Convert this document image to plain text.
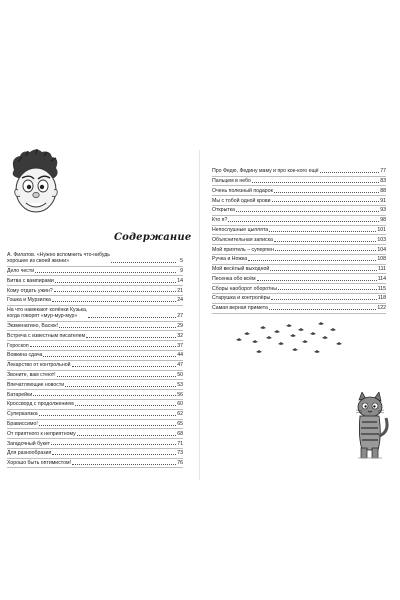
Содержание
А. Филатов. «Нужно вспомнить что-нибудь
хорошее из своей жизни»	5
Дело чести	9
Битва с вампирами	14
Кому отдать ужин?	21
Гошка и Мурзилка	24
На что намекают колёнки Кузька,
когда говорят «мур-мур-мур»	27
Экзменатино, Васюк!	29
Встреча с известным писателем	32
Гороскоп	37
Вовкина сдача	44
Лекарство от контрольной	47
Звоните, вам стеют!	50
Впечатляющие новости	53
Батарейки	56
Кроссворд с продолжением	60
Суперкаязка	62
Брависсимо!	65
От приятного к неприятному	68
Загадочный букет	71
Для разнообразия	73
Хорошо быть оптимистом!	76
Про Федю, Федину маму и про кое-кого ещё	77
Пальцем в небо	83
Очень полезный подарок	88
Мы с тобой одной крови	91
Открытка	93
Кто я?	98
Непослушные цыплята	101
Объяснительная записка	103
Мой приятель – суперпен	104
Ручка и Ножка	108
Мой весёлый выходной	111
Песенка обо всём	114
Сборы наоборот оборотны	115
Старушка и контролёры	118
Самая верная примета	122
